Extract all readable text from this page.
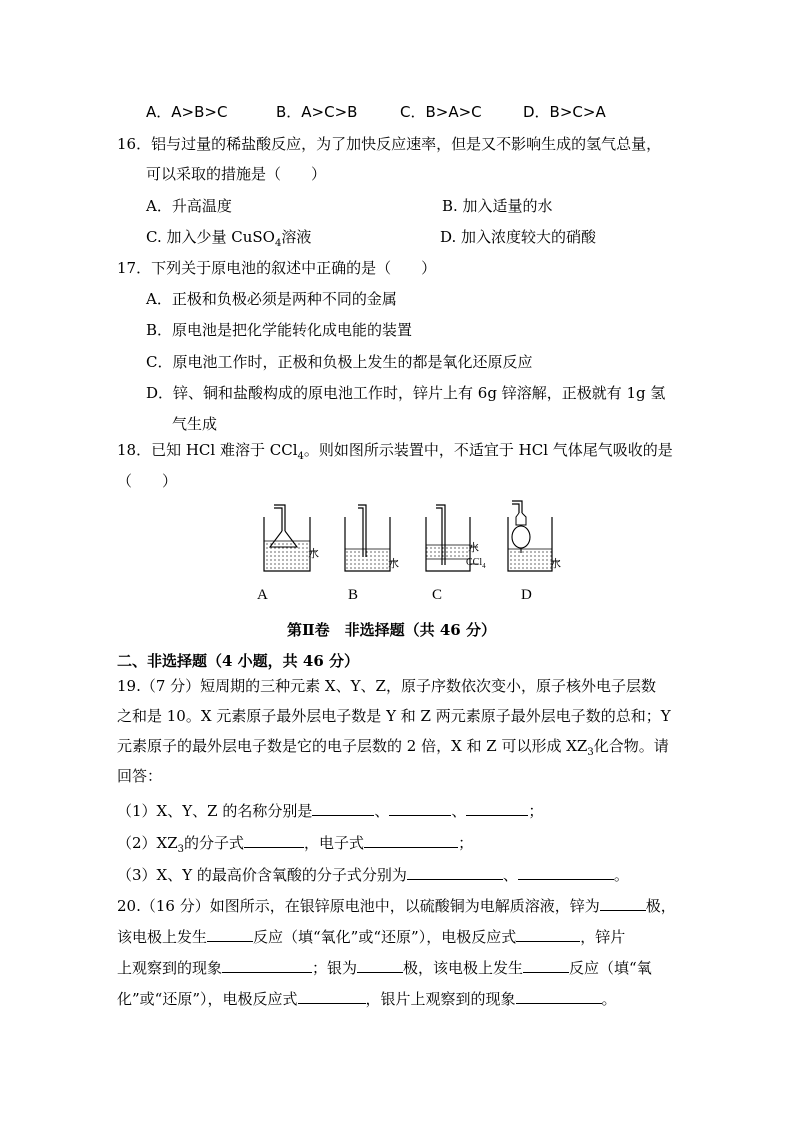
A．A>B>C	B．A>C>B	C．B>A>C	D．B>C>A
16．铝与过量的稀盐酸反应，为了加快反应速率，但是又不影响生成的氢气总量，
可以采取的措施是（　　）
A．升高温度	B. 加入适量的水
C. 加入少量 CuSO$_4$溶液	D. 加入浓度较大的硝酸
17．下列关于原电池的叙述中正确的是（　　）
A．正极和负极必须是两种不同的金属
B．原电池是把化学能转化成电能的装置
C．原电池工作时，正极和负极上发生的都是氧化还原反应
D．锌、铜和盐酸构成的原电池工作时，锌片上有 6g 锌溶解，正极就有 1g 氢
气生成
18．已知 HCl 难溶于 CCl$_4$。则如图所示装置中，不适宜于 HCl 气体尾气吸收的是
（　　）
水
水
水
CCl$_4$	水
A	B	C	D
第Ⅱ卷　非选择题（共 46 分）
二、非选择题（4 小题，共 46 分）
19.（7 分）短周期的三种元素 X、Y、Z，原子序数依次变小，原子核外电子层数
之和是 10。X 元素原子最外层电子数是 Y 和 Z 两元素原子最外层电子数的总和；Y
元素原子的最外层电子数是它的电子层数的 2 倍，X 和 Z 可以形成 $XZ_3$化合物。请
回答：
（1）X、Y、Z 的名称分别是	、	、	；
$(2)XZ_3$的分子式	，电子式	；
（3）X、Y 的最高价含氧酸的分子式分别为	、	。
20.（16 分）如图所示，在银锌原电池中，以硫酸铜为电解质溶液，锌为	极，
该电极上发生	反应（填“氧化”或“还原”），电极反应式	，锌片
上观察到的现象	；银为	极，该电极上发生	反应（填“氧
化”或“还原”），电极反应式	，银片上观察到的现象	。
